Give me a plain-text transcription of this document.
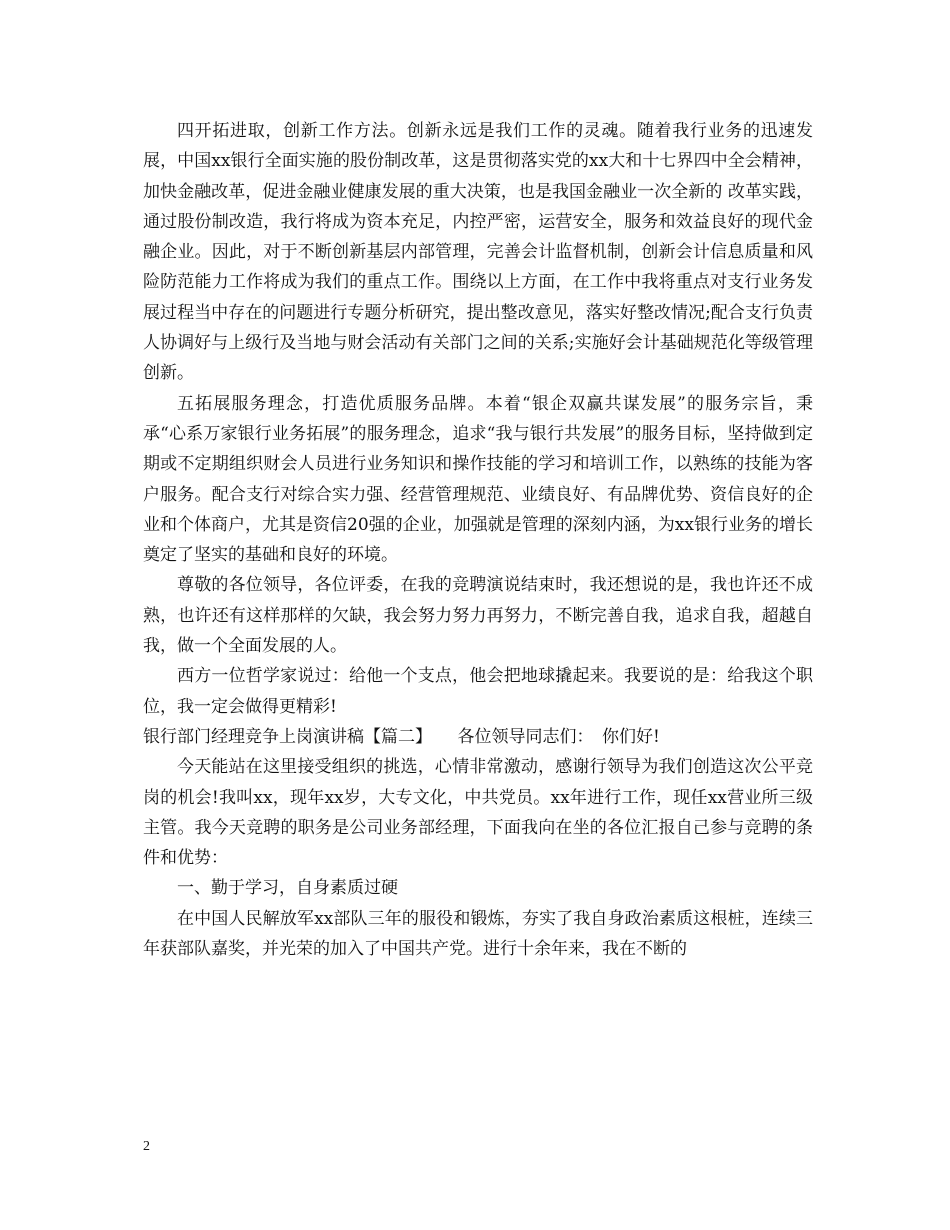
四开拓进取，创新工作方法。创新永远是我们工作的灵魂。随着我行业务的迅速发展，中国xx银行全面实施的股份制改革，这是贯彻落实党的xx大和十七界四中全会精神，加快金融改革，促进金融业健康发展的重大决策，也是我国金融业一次全新的 改革实践，通过股份制改造，我行将成为资本充足，内控严密，运营安全，服务和效益良好的现代金融企业。因此，对于不断创新基层内部管理，完善会计监督机制，创新会计信息质量和风险防范能力工作将成为我们的重点工作。围绕以上方面，在工作中我将重点对支行业务发展过程当中存在的问题进行专题分析研究，提出整改意见，落实好整改情况;配合支行负责人协调好与上级行及当地与财会活动有关部门之间的关系;实施好会计基础规范化等级管理创新。

五拓展服务理念，打造优质服务品牌。本着“银企双赢共谋发展”的服务宗旨，秉承“心系万家银行业务拓展”的服务理念，追求“我与银行共发展”的服务目标，坚持做到定期或不定期组织财会人员进行业务知识和操作技能的学习和培训工作，以熟练的技能为客户服务。配合支行对综合实力强、经营管理规范、业绩良好、有品牌优势、资信良好的企业和个体商户，尤其是资信20强的企业，加强就是管理的深刻内涵，为xx银行业务的增长奠定了坚实的基础和良好的环境。

尊敬的各位领导，各位评委，在我的竞聘演说结束时，我还想说的是，我也许还不成熟，也许还有这样那样的欠缺，我会努力努力再努力，不断完善自我，追求自我，超越自我，做一个全面发展的人。

西方一位哲学家说过：给他一个支点，他会把地球撬起来。我要说的是：给我这个职位，我一定会做得更精彩!

银行部门经理竞争上岗演讲稿【篇二】　　各位领导同志们：　你们好!

今天能站在这里接受组织的挑选，心情非常激动，感谢行领导为我们创造这次公平竞岗的机会!我叫xx，现年xx岁，大专文化，中共党员。xx年进行工作，现任xx营业所三级主管。我今天竞聘的职务是公司业务部经理，下面我向在坐的各位汇报自己参与竞聘的条件和优势：

一、勤于学习，自身素质过硬

在中国人民解放军xx部队三年的服役和锻炼，夯实了我自身政治素质这根桩，连续三年获部队嘉奖，并光荣的加入了中国共产党。进行十余年来，我在不断的

2
